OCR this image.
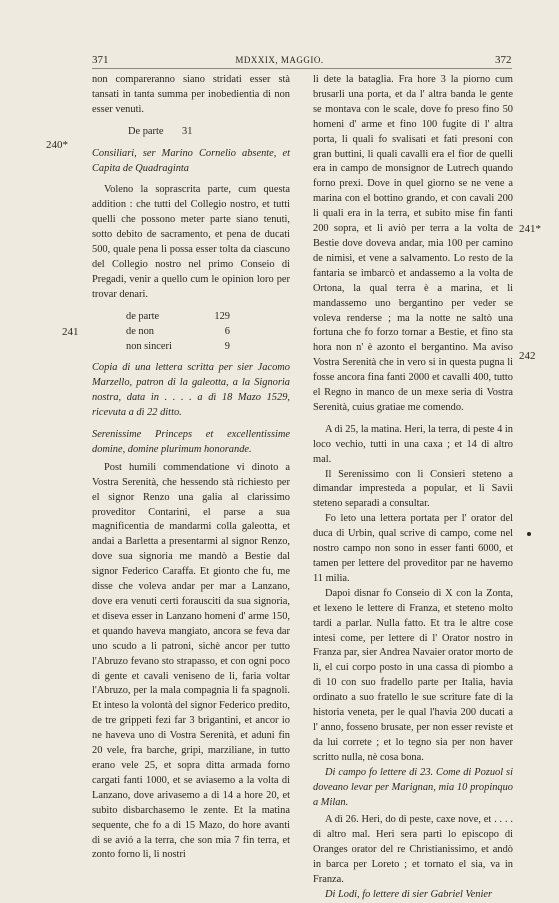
371	MDXXIX, MAGGIO.	372
240*
241
241*
242

non compareranno siano stridati esser stà tansati in tanta summa per inobedientia di non esser venuti.

De parte	31

Consiliari, ser Marino Cornelio absente, et Capita de Quadraginta

Voleno la soprascrita parte, cum questa addition : che tutti del Collegio nostro, et tutti quelli che possono meter parte siano tenuti, sotto debito de sacramento, et pena de ducati 500, quale pena li possa esser tolta da ciascuno del Collegio nostro nel primo Conseio di Pregadi, venir a quello cum le opinion loro per trovar denari.

de parte	129
de non	6
non sinceri	9

Copia di una lettera scritta per sier Jacomo Marzello, patron di la galeotta, a la Signoria nostra, data in . . . . a dì 18 Mazo 1529, ricevuta a dì 22 ditto.

Serenissime Princeps et excellentissime domine, domine plurimum honorande.

Post humili commendatione vi dinoto a Vostra Serenità, che hessendo stà richiesto per el signor Renzo una galia al clarissimo proveditor Contarini, el parse a sua magnificentia de mandarmi colla galeotta, et andai a Barletta a presentarmi al signor Renzo, dove sua signoria me mandò a Bestie dal signor Federico Caraffa. Et gionto che fu, me disse che voleva andar per mar a Lanzano, dove era venuti certi forausciti da sua signoria, et diseva esser in Lanzano homeni d' arme 150, et quando haveva mangiato, ancora se feva dar uno scudo a li patroni, sichè ancor per tutto l'Abruzo fevano sto strapasso, et con ogni poco di gente et cavali veniseno de li, faria voltar l'Abruzo, per la mala compagnia li fa spagnoli. Et inteso la volontà del signor Federico predito, de tre grippeti fezi far 3 brigantini, et ancor io ne haveva uno di Vostra Serenità, et aduni fin 20 vele, fra barche, gripi, marziliane, in tutto erano vele 25, et sopra ditta armada forno cargati fanti 1000, et se aviasemo a la volta di Lanzano, dove arivasemo a di 14 a hore 20, et subito disbarchasemo le zente. Et la matina sequente, che fo a di 15 Mazo, do hore avanti di se avió a la terra, che son mia 7 fin terra, et zonto forno li, li nostri

li dete la bataglia. Fra hore 3 la piorno cum brusarli una porta, et da l' altra banda le gente se montava con le scale, dove fo preso fino 50 homeni d' arme et fino 100 fugite di l' altra porta, li quali fo svalisati et fati presoni con gran buttini, li quali cavalli era el fior de quelli era in campo de monsignor de Lutrech quando forno prexi. Dove in quel giorno se ne vene a marina con el bottino grando, et con cavali 200 li quali era in la terra, et subito mise fin fanti 200 sopra, et li aviò per terra a la volta de Bestie dove doveva andar, mia 100 per camino de nimisi, et vene a salvamento. Lo resto de la fantaria se imbarcò et andassemo a la volta de Ortona, la qual terra è a marina, et li mandassemo uno bergantino per veder se voleva renderse ; ma la notte ne saltò una fortuna che fo forzo tornar a Bestie, et fino sta hora non n' è azonto el bergantino. Ma aviso Vostra Serenità che in vero si in questa pugna li fosse ancora fina fanti 2000 et cavalli 400, tutto el Regno in manco de un mexe seria di Vostra Serenità, cuius gratiae me comendo.

A dì 25, la matina. Heri, la terra, di peste 4 in loco vechio, tutti in una caxa ; et 14 di altro mal.

Il Serenissimo con li Consieri steteno a dimandar impresteda a popular, et li Savii steteno separadi a consultar.

Fo leto una lettera portata per l' orator del duca di Urbin, qual scrive di campo, come nel nostro campo non sono in esser fanti 6000, et tamen per lettere del proveditor par ne havemo 11 milia.

Dapoi disnar fo Conseio di X con la Zonta, et lexeno le lettere di Franza, et steteno molto tardi a parlar. Nulla fatto. Et tra le altre cose intesi come, per lettere di l' Orator nostro in Franza par, sier Andrea Navaier orator morto de lì, el cui corpo posto in una cassa di piombo a dì 10 con suo fradello parte per Italia, havia ordinato a suo fratello le sue scriture fate di la historia veneta, per le qual l'havia 200 ducati a l' anno, fosseno brusate, per non esser reviste et da lui correte ; et lo tegno sia per non haver scritto nulla, nè cosa bona.

Di campo fo lettere di 23. Come di Pozuol si doveano levar per Marignan, mia 10 propinquo a Milan.

A dì 26. Heri, do di peste, caxe nove, et . . . . di altro mal. Heri sera partì lo episcopo di Oranges orator del re Christianissimo, et andò in barca per Loreto ; et tornato el sia, va in Franza.

Di Lodi, fo lettere di sier Gabriel Venier
